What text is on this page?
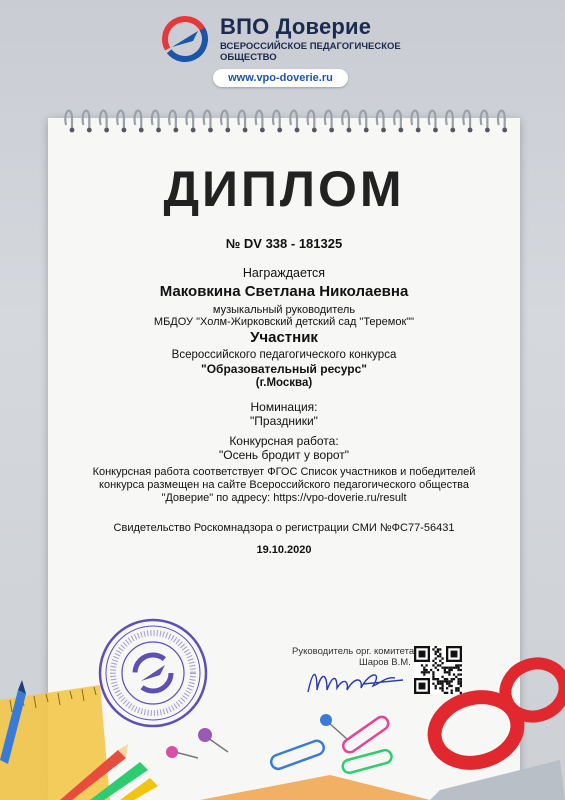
ВПО Доверие
ВСЕРОССИЙСКОЕ ПЕДАГОГИЧЕСКОЕ ОБЩЕСТВО
www.vpo-doverie.ru
ДИПЛОМ
№ DV 338 - 181325
Награждается
Маковкина Светлана Николаевна
музыкальный руководитель
МБДОУ "Холм-Жирковский детский сад "Теремок""
Участник
Всероссийского педагогического конкурса
"Образовательный ресурс"
(г.Москва)
Номинация:
"Праздники"
Конкурсная работа:
"Осень бродит у ворот"
Конкурсная работа соответствует ФГОС Список участников и победителей конкурса размещен на сайте Всероссийского педагогического общества "Доверие" по адресу: https://vpo-doverie.ru/result
Свидетельство Роскомнадзора о регистрации СМИ №ФС77-56431
19.10.2020
Руководитель орг. комитета
Шаров В.М.
